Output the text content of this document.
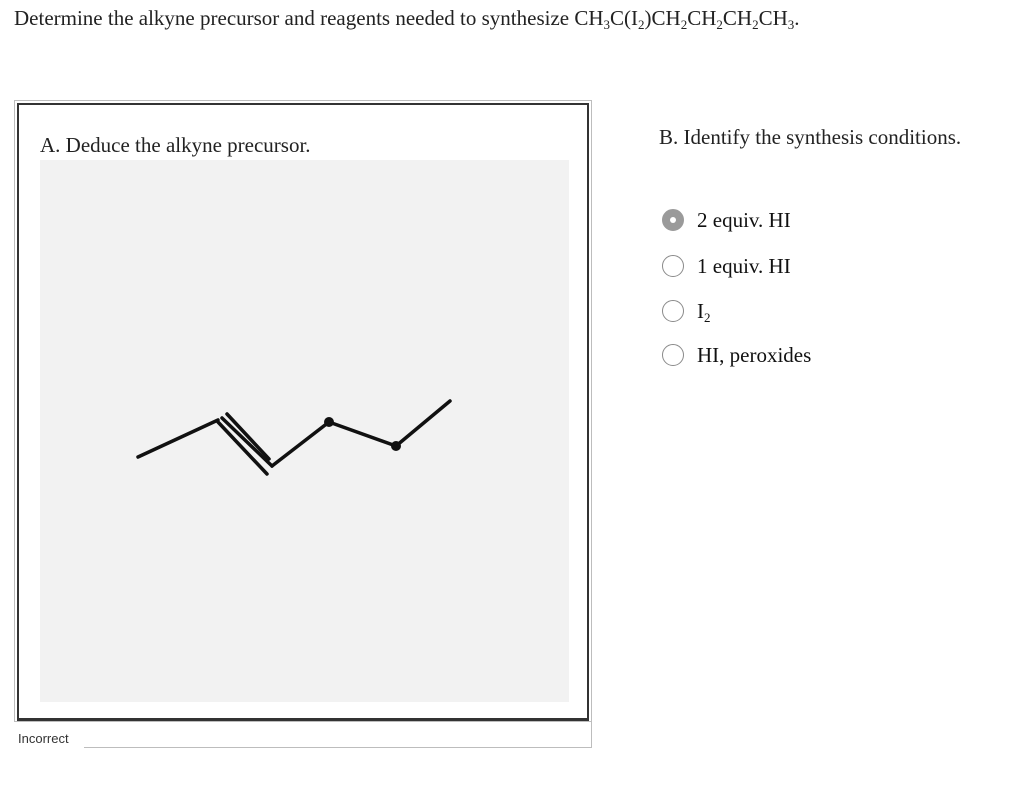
Determine the alkyne precursor and reagents needed to synthesize $CH_3C(I_2)CH_2CH_2CH_2CH_3$.
A. Deduce the alkyne precursor.
Incorrect
B. Identify the synthesis conditions.
2 equiv. HI
1 equiv. HI
$I_2$
HI, peroxides
